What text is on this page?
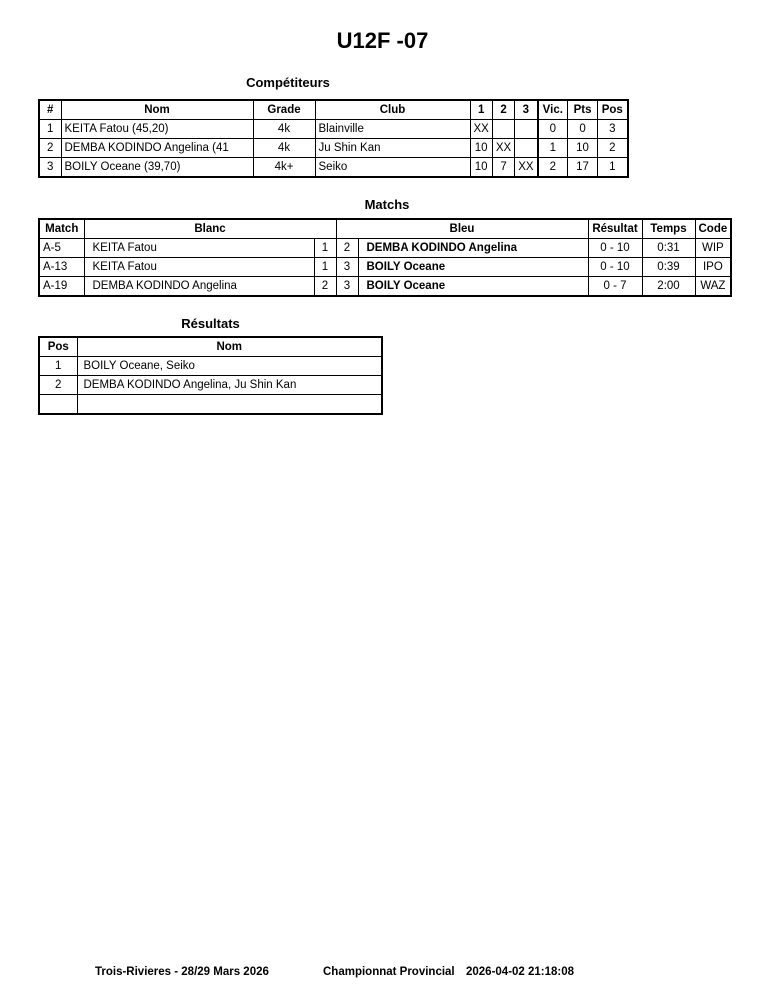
U12F -07
Compétiteurs
#	Nom	Grade	Club	1	2	3	Vic.	Pts	Pos
1	KEITA Fatou (45,20)	4k	Blainville	XX			0	0	3
2	DEMBA KODINDO Angelina (41	4k	Ju Shin Kan	10	XX		1	10	2
3	BOILY Oceane (39,70)	4k+	Seiko	10	7	XX	2	17	1
Matchs
Match	Blanc		Bleu		Résultat	Temps	Code
A-5	KEITA Fatou	1	2	DEMBA KODINDO Angelina	0 - 10	0:31	WIP
A-13	KEITA Fatou	1	3	BOILY Oceane	0 - 10	0:39	IPO
A-19	DEMBA KODINDO Angelina	2	3	BOILY Oceane	0 - 7	2:00	WAZ
Résultats
Pos	Nom
1	BOILY Oceane, Seiko
2	DEMBA KODINDO Angelina, Ju Shin Kan

Trois-Rivieres - 28/29 Mars 2026	Championnat Provincial 2026-04-02 21:18:08
